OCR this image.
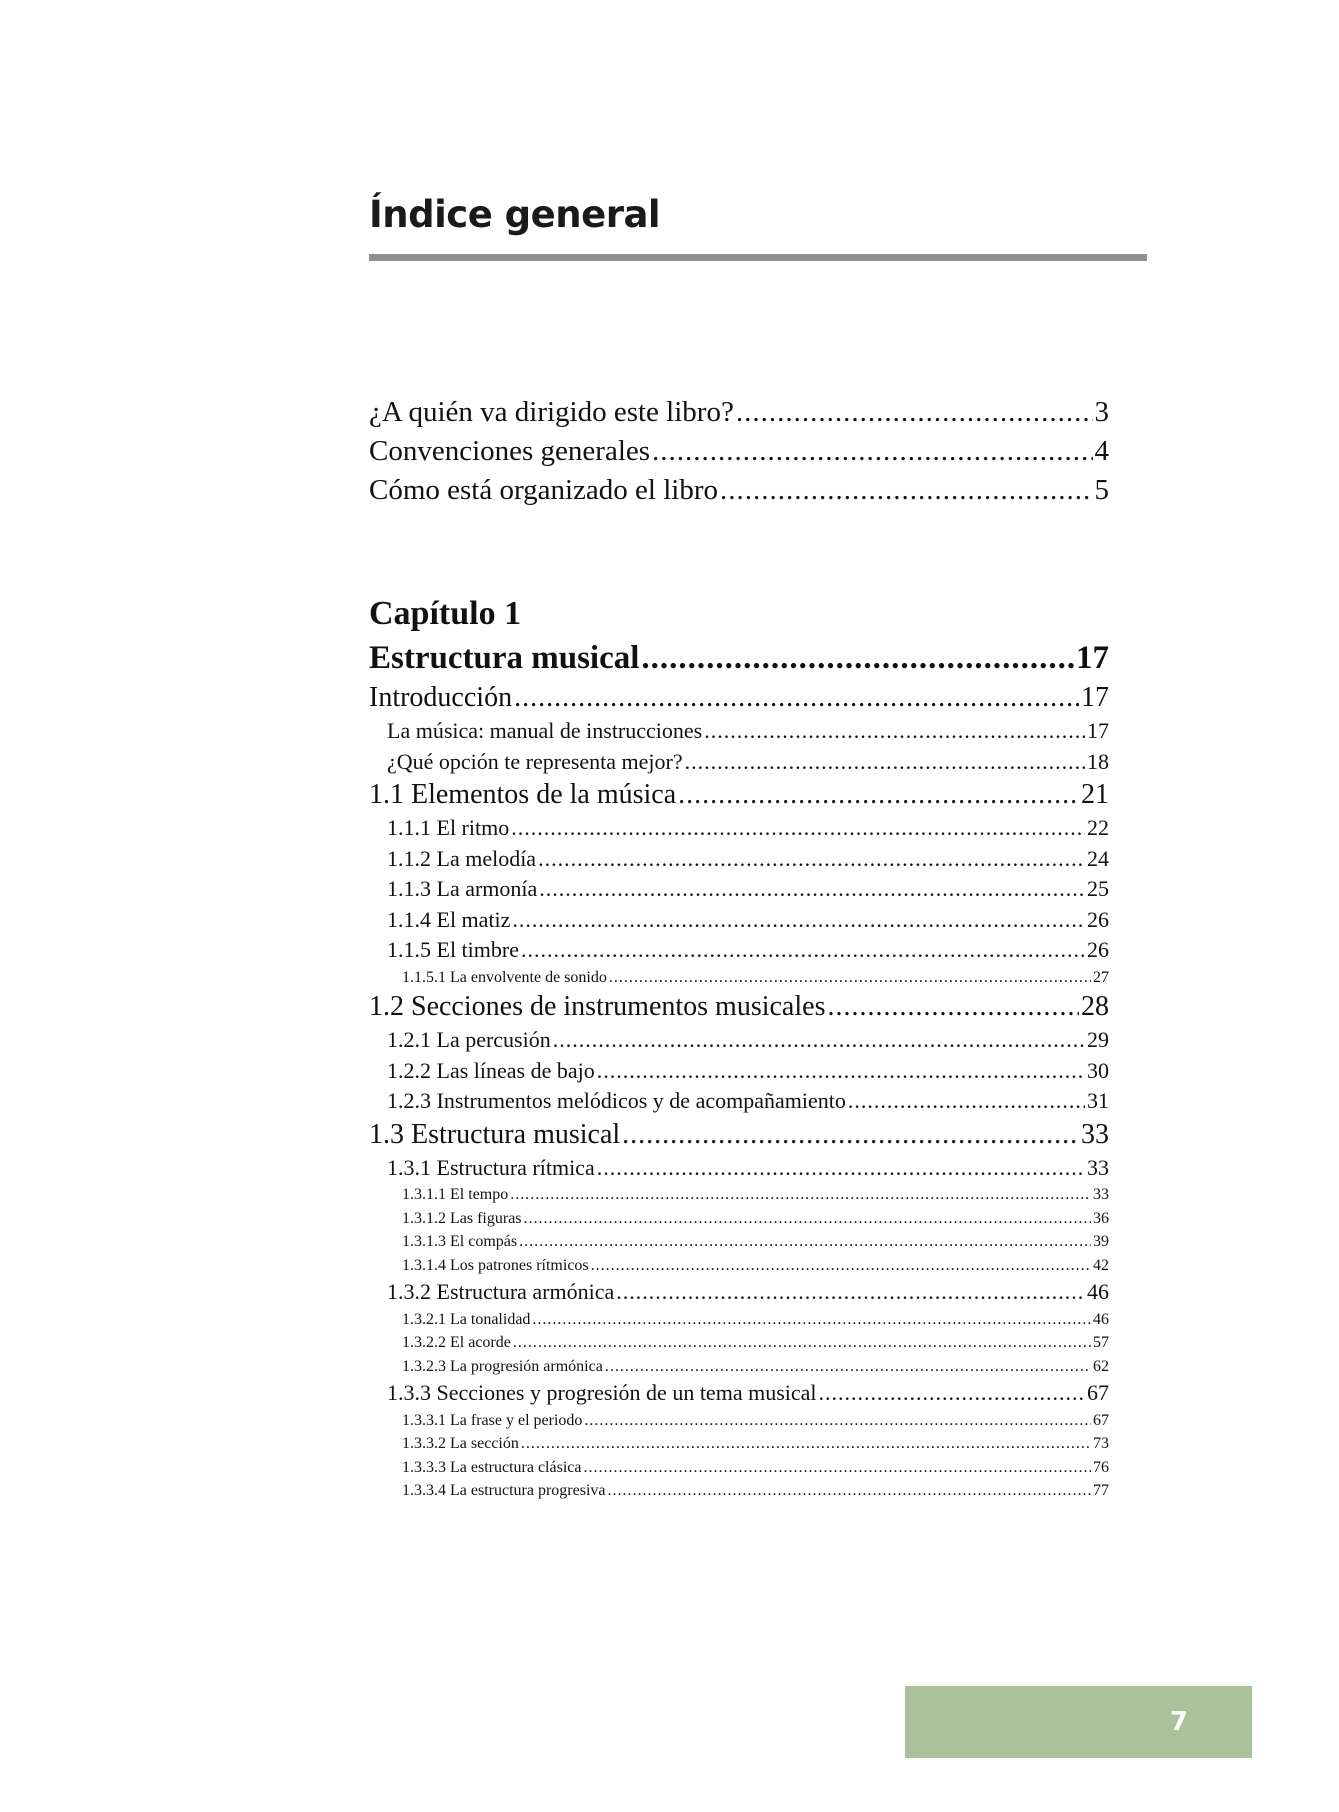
Índice general
¿A quién va dirigido este libro? .....	3
Convenciones generales .....	4
Cómo está organizado el libro .....	5
Capítulo 1
Estructura musical .....	17
Introducción .....	17
La música: manual de instrucciones .....	17
¿Qué opción te representa mejor? .....	18
1.1 Elementos de la música .....	21
1.1.1 El ritmo .....	22
1.1.2 La melodía .....	24
1.1.3 La armonía .....	25
1.1.4 El matiz .....	26
1.1.5 El timbre .....	26
1.1.5.1 La envolvente de sonido .....	27
1.2 Secciones de instrumentos musicales .....	28
1.2.1 La percusión .....	29
1.2.2 Las líneas de bajo .....	30
1.2.3 Instrumentos melódicos y de acompañamiento .....	31
1.3 Estructura musical .....	33
1.3.1 Estructura rítmica .....	33
1.3.1.1 El tempo .....	33
1.3.1.2 Las figuras .....	36
1.3.1.3 El compás .....	39
1.3.1.4 Los patrones rítmicos .....	42
1.3.2 Estructura armónica .....	46
1.3.2.1 La tonalidad .....	46
1.3.2.2 El acorde .....	57
1.3.2.3 La progresión armónica .....	62
1.3.3 Secciones y progresión de un tema musical .....	67
1.3.3.1 La frase y el periodo .....	67
1.3.3.2 La sección .....	73
1.3.3.3 La estructura clásica .....	76
1.3.3.4 La estructura progresiva .....	77
7
